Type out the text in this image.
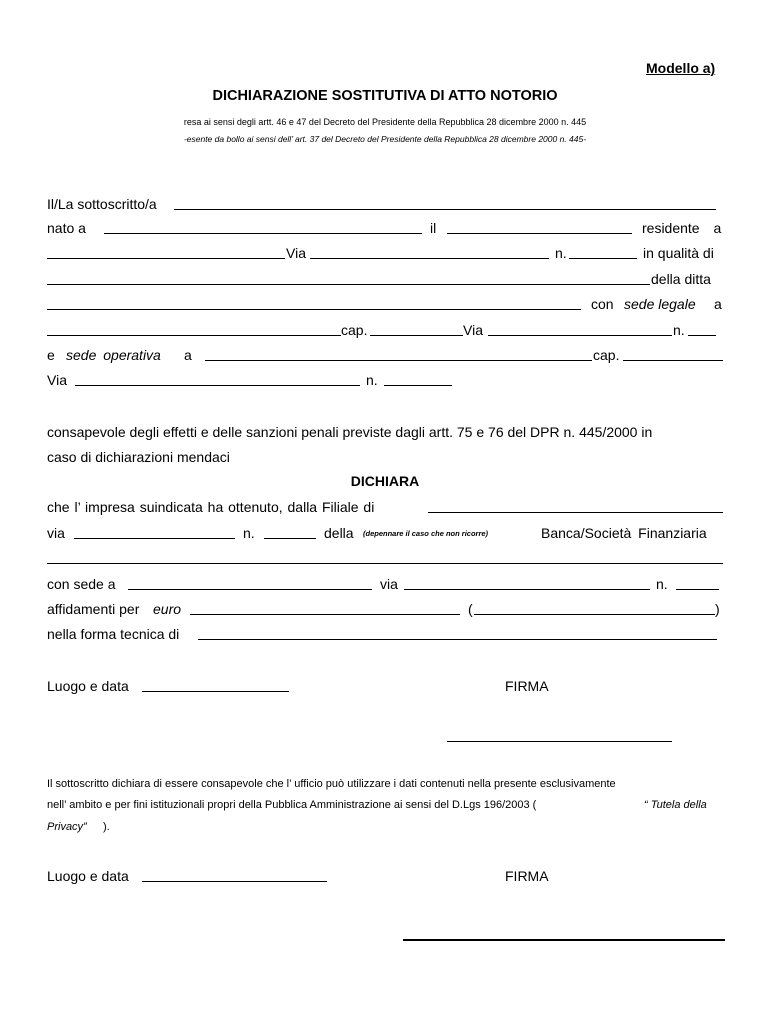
Modello a)
DICHIARAZIONE SOSTITUTIVA DI ATTO NOTORIO
resa ai sensi degli artt. 46 e 47 del Decreto del Presidente della Repubblica 28 dicembre 2000 n. 445
-esente da bollo ai sensi dell’ art. 37 del Decreto del Presidente della Repubblica 28 dicembre 2000 n. 445-
Il/La sottoscritto/a
nato a	il	residente a
Via	n.	in qualità di
della ditta
con sede legale a
cap.	Via	n.
e sede operativa a	cap.
Via	n.
consapevole degli effetti e delle sanzioni penali previste dagli artt. 75 e 76 del DPR n. 445/2000 in
caso di dichiarazioni mendaci
DICHIARA
che l’ impresa suindicata ha ottenuto, dalla Filiale di
via	n.	della (depennare il caso che non ricorre)	Banca/Società Finanziaria
con sede a	via	n.
affidamenti per euro	(	)
nella forma tecnica di
Luogo e data	FIRMA
Il sottoscritto dichiara di essere consapevole che l’ ufficio può utilizzare i dati contenuti nella presente esclusivamente
nell’ ambito e per fini istituzionali propri della Pubblica Amministrazione ai sensi del D.Lgs 196/2003 (	“ Tutela della
Privacy” ).
Luogo e data	FIRMA
